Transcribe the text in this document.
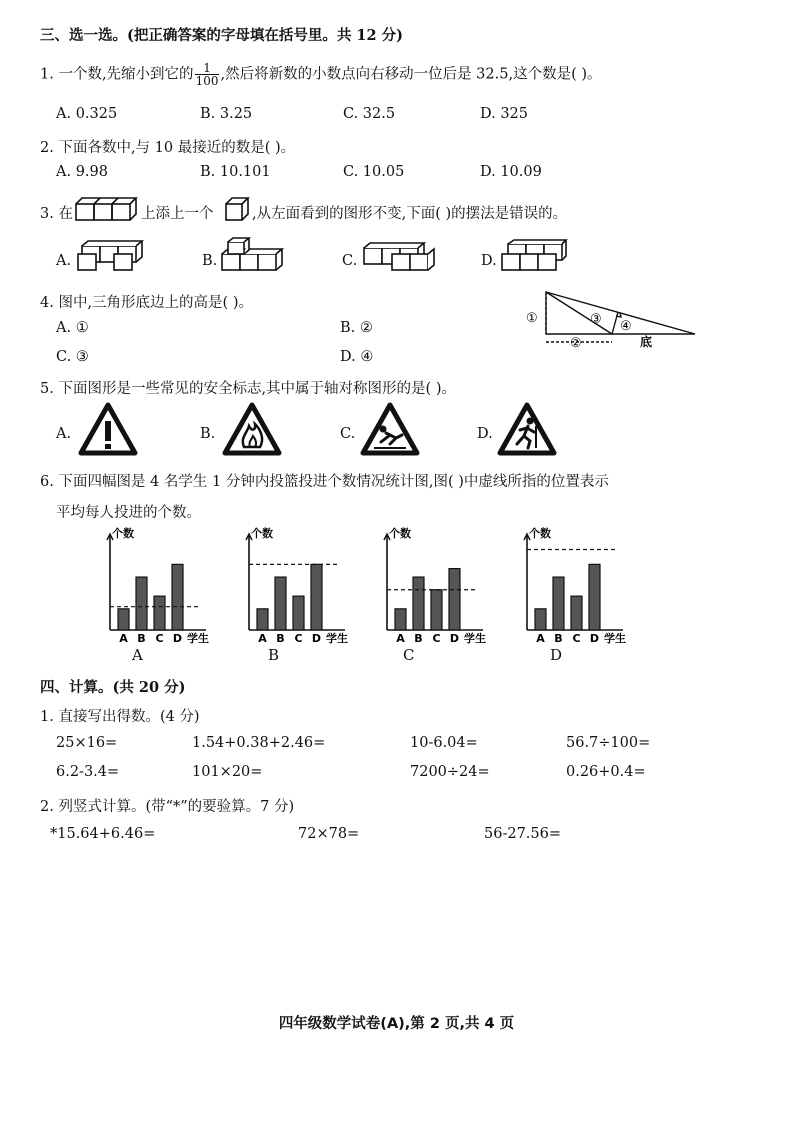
三、选一选。(把正确答案的字母填在括号里。共 12 分)
1. 一个数,先缩小到它的 $\frac{1}{100}$ ,然后将新数的小数点向右移动一位后是 32.5,这个数是( )。
A. 0.325	B. 3.25	C. 32.5	D. 325
2. 下面各数中,与 10 最接近的数是( )。
A. 9.98	B. 10.101	C. 10.05	D. 10.09
3. 在	上添上一个	,从左面看到的图形不变,下面( )的摆法是错误的。
A.	B.	C.	D.
4. 图中,三角形底边上的高是( )。
A. ①	B. ②
C. ③	D. ④
①	③ ④
②	底
5. 下面图形是一些常见的安全标志,其中属于轴对称图形的是( )。
A.	B.	C.	D.
6. 下面四幅图是 4 名学生 1 分钟内投篮投进个数情况统计图,图( )中虚线所指的位置表示
平均每人投进的个数。
个数
A B C D 学生
个数
A B C D 学生
个数
A B C D 学生
个数
A B C D 学生
A	B	C	D
四、计算。(共 20 分)
1. 直接写出得数。(4 分)
25×16=	1.54+0.38+2.46=	10-6.04=	56.7÷100=
6.2-3.4=	101×20=	7200÷24=	0.26+0.4=
2. 列竖式计算。(带“*”的要验算。7 分)
*15.64+6.46=	72×78=	56-27.56=
四年级数学试卷(A),第 2 页,共 4 页
